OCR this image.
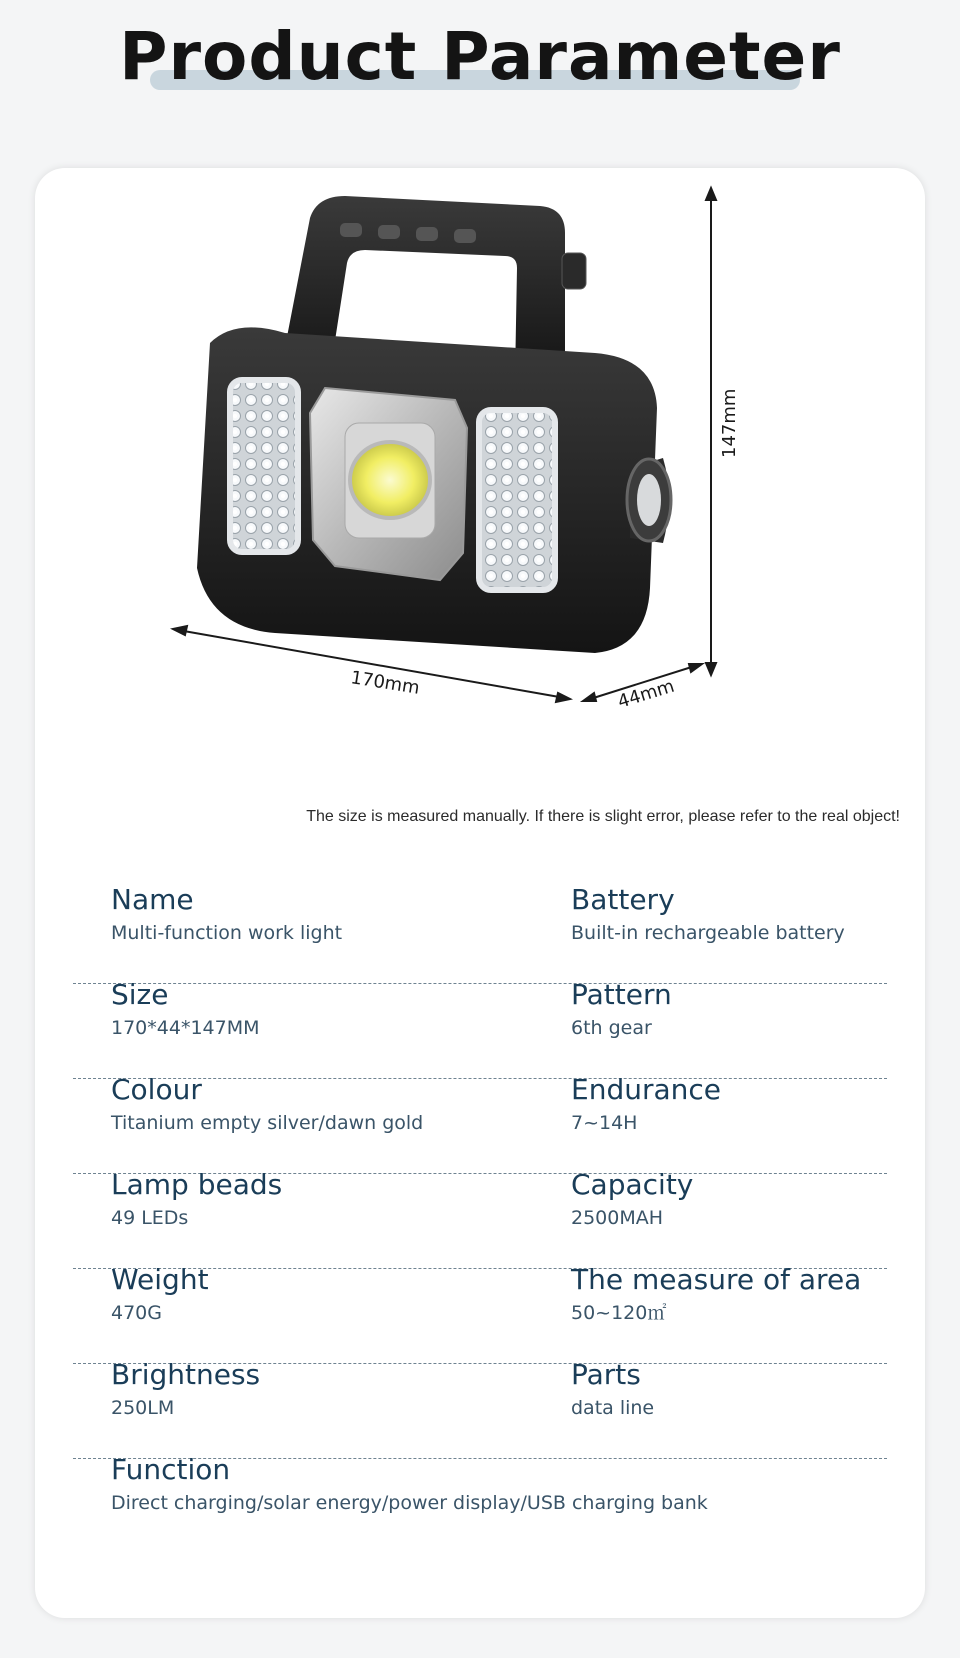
Product Parameter
170mm	44mm
147mm
The size is measured manually. If there is slight error, please refer to the real object!
Name
Multi-function work light
Battery
Built-in rechargeable battery
Size
170*44*147MM
Pattern
6th gear
Colour
Titanium empty silver/dawn gold
Endurance
7~14H
Lamp beads
49 LEDs
Capacity
2500MAH
Weight
470G
The measure of area
50~120㎡
Brightness
250LM
Parts
data line
Function
Direct charging/solar energy/power display/USB charging bank
